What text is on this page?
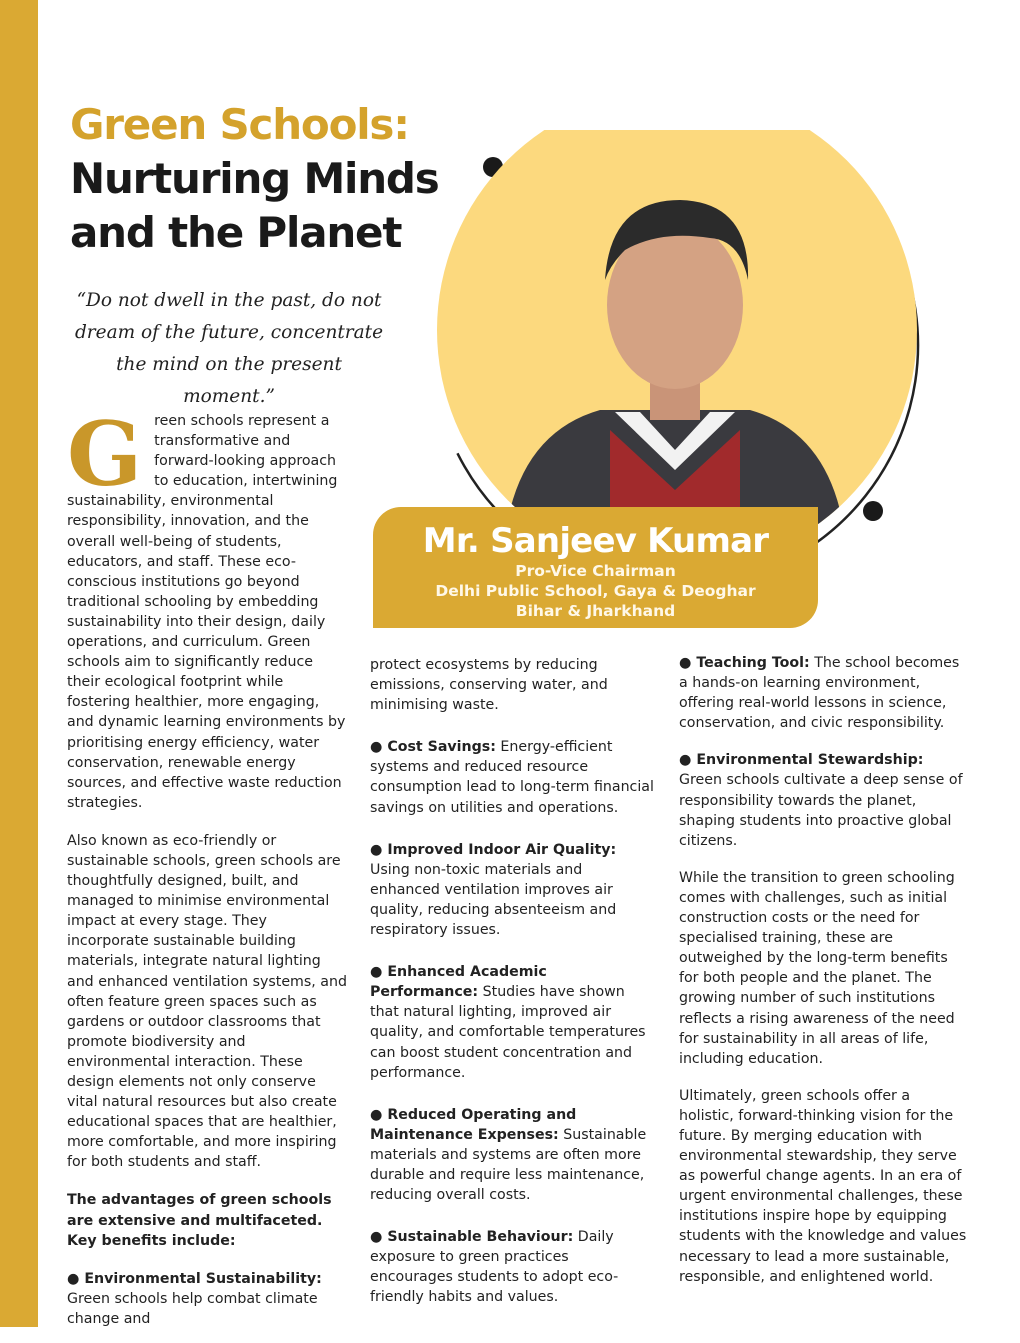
Green Schools:
Nurturing Minds
and the Planet
“Do not dwell in the past, do not dream of the future, concentrate the mind on the present moment.”
Mr. Sanjeev Kumar
Pro-Vice Chairman
Delhi Public School, Gaya & Deoghar
Bihar & Jharkhand

Green schools represent a transformative and forward-looking approach to education, intertwining sustainability, environmental responsibility, innovation, and the overall well-being of students, educators, and staff. These eco-conscious institutions go beyond traditional schooling by embedding sustainability into their design, daily operations, and curriculum. Green schools aim to significantly reduce their ecological footprint while fostering healthier, more engaging, and dynamic learning environments by prioritising energy efficiency, water conservation, renewable energy sources, and effective waste reduction strategies.

Also known as eco-friendly or sustainable schools, green schools are thoughtfully designed, built, and managed to minimise environmental impact at every stage. They incorporate sustainable building materials, integrate natural lighting and enhanced ventilation systems, and often feature green spaces such as gardens or outdoor classrooms that promote biodiversity and environmental interaction. These design elements not only conserve vital natural resources but also create educational spaces that are healthier, more comfortable, and more inspiring for both students and staff.

The advantages of green schools are extensive and multifaceted.
Key benefits include:

● Environmental Sustainability: Green schools help combat climate change and

protect ecosystems by reducing emissions, conserving water, and minimising waste.

● Cost Savings: Energy-efficient systems and reduced resource consumption lead to long-term financial savings on utilities and operations.

● Improved Indoor Air Quality: Using non-toxic materials and enhanced ventilation improves air quality, reducing absenteeism and respiratory issues.

● Enhanced Academic Performance: Studies have shown that natural lighting, improved air quality, and comfortable temperatures can boost student concentration and performance.

● Reduced Operating and Maintenance Expenses: Sustainable materials and systems are often more durable and require less maintenance, reducing overall costs.

● Sustainable Behaviour: Daily exposure to green practices encourages students to adopt eco-friendly habits and values.

● Teaching Tool: The school becomes a hands-on learning environment, offering real-world lessons in science, conservation, and civic responsibility.

● Environmental Stewardship: Green schools cultivate a deep sense of responsibility towards the planet, shaping students into proactive global citizens.

While the transition to green schooling comes with challenges, such as initial construction costs or the need for specialised training, these are outweighed by the long-term benefits for both people and the planet. The growing number of such institutions reflects a rising awareness of the need for sustainability in all areas of life, including education.

Ultimately, green schools offer a holistic, forward-thinking vision for the future. By merging education with environmental stewardship, they serve as powerful change agents. In an era of urgent environmental challenges, these institutions inspire hope by equipping students with the knowledge and values necessary to lead a more sustainable, responsible, and enlightened world.
